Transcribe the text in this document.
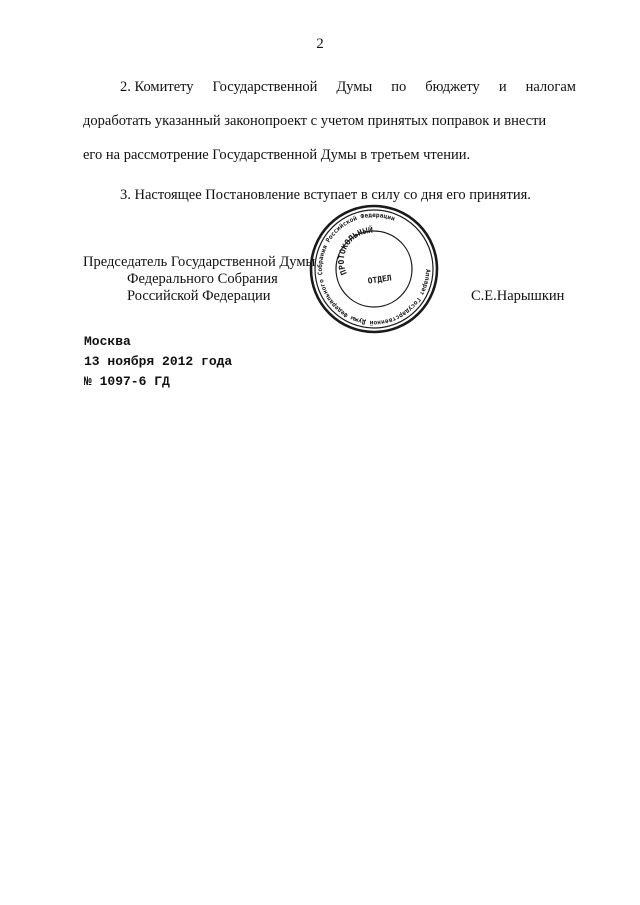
2
2. Комитету Государственной Думы по бюджету и налогам
доработать указанный законопроект с учетом принятых поправок и внести
его на рассмотрение Государственной Думы в третьем чтении.
3. Настоящее Постановление вступает в силу со дня его принятия.
Председатель Государственной Думы
Федерального Собрания
Российской Федерации
Аппарат Государственной Думы Федерального Собрания Российской Федерации
ПРОТОКОЛЬНЫЙ
ОТДЕЛ
С.Е.Нарышкин
Москва
13 ноября 2012 года
№ 1097-6 ГД
